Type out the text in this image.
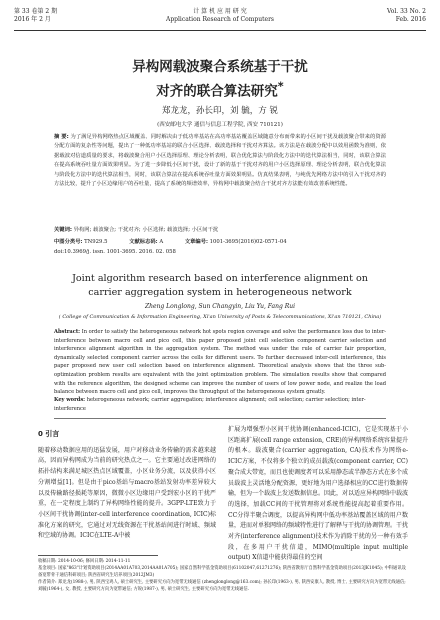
第 33 卷第 2 期
2016 年 2 月
计 算 机 应 用 研 究
Application Research of Computers
Vol. 33 No. 2
Feb. 2016
异构网载波聚合系统基于干扰
对齐的联合算法研究*
郑龙龙，孙长印，刘 毓，方 锐
(西安邮电大学 通信与信息工程学院, 西安 710121)
摘 要: 为了满足异构网络热点区域覆盖、同时解决由于低功率基站在高功率基站覆盖区域随意分布而带来的小区间干扰及载波聚合带来的资源分配方面的复杂性等问题，提出了一种低功率基站的联合小区选择、载波选择和干扰对齐算法。该方法是在载波分配中以效用函数为准则，依据载波对信道质量的要求，将载波聚合用户小区选择原理、理论分析表明，联合优化算法与阶段化方法中的迭代算法相当，同时，该联合算法在提高系统吞吐量方面效果明显。为了进一步降低小区间干扰，设计了新的基于干扰对齐的用户小区选择原理、理论分析表明，联合优化算法与阶段化方法中的迭代算法相当，同时，该联合算法在提高系统吞吐量方面效果明显。仿真结果表明，与纯优先网络方法中的引入干扰对齐的方法比较，提升了小区边缘用户的吞吐量，提高了系统的频谱效率，异构网中载波聚合结合干扰对齐方法能有效改善系统性能。
关键词: 异构网; 载波聚合; 干扰对齐; 小区选择; 载波选择; 小区间干扰
中图分类号: TN929.5	文献标志码: A	文章编号: 1001-3695(2016)02-0571-04
doi:10.3969/j. issn. 1001-3695. 2016. 02. 058
Joint algorithm research based on interference alignment on
carrier aggregation system in heterogeneous network
Zheng Longlong, Sun Changyin, Liu Yu, Fang Rui
( College of Communication & Information Engineering, Xi'an University of Posts & Telecommunications, Xi'an 710121, China)
Abstract: In order to satisfy the heterogeneous network hot spots region coverage and solve the performance loss due to inter-interference between macro cell and pico cell, this paper proposed joint cell selection component carrier selection and interference alignment algorithm in the aggregation system. The method was under the rule of carrier fair proportion, dynamically selected component carrier across the cells for different users. To further decreased inter-cell interference, this paper proposed new user cell selection based on interference alignment. Theoretical analysis shows that the three sub-optimization problem results are equivalent with the joint optimization problem. The simulation results show that compared with the reference algorithm, the designed scheme can improve the number of users of low power node, and realize the load balance between macro cell and pico cell, improves the throughput of the heterogeneous system greatly.
Key words: heterogeneous network; carrier aggregation; interference alignment; cell selection; carrier selection; inter-interference
0 引言
随着移动数据应用的迅猛发展，用户对移动业务传输的需求越来越高，因而异构网成为当前的研究热点之一。它主要通过改进网络的拓扑结构来满足城区热点区域覆盖，小区业务分流，以及获得小区分割增益[1]。但是由于pico基站与macro基站发射功率差异较大以及传输路径损耗等原因，微微小区边缘用户受到宏小区的干扰严重，在一定程度上制约了异构网络性能的提升。3GPP-LTE致力于小区间干扰协调(inter-cell interference coordination, ICIC)标准化方案的研究，它通过对无线资源在干扰基站间进行时域、频域和空域的协调。ICIC在LTE-A中被
扩展为增强型小区间干扰协调(enhanced-ICIC)，它是实现基于小区距离扩展(cell range extension, CRE)的异构网络系统容量提升的根本。载波聚合(carrier aggregation, CA)技术作为网络e-ICIC方案，不仅将多个独立的成员载波(component carrier, CC)聚合成大带宽，而且也使调度者可以采用静态或半静态方式在多个成员载波上灵活地分配资源，更好地为用户选择相应的CC进行数据传输，但为一个载波上发送数据信息。因此，对以适应异构网络中载波的选择，加载CC间的干扰管理将对系统性能提高起着重要作用。CC分得半聚合调度，以提高异构网中低功率基站覆盖区域的用户数量，进而对单独网络的频域特性进行了解释与干扰的协调管理。干扰对齐(interference alignment)技术作为消除干扰的另一种有效手段，在多用户干扰信道，MIMO(multiple input multiple output) X信道中能获得最佳的空间
收稿日期: 2014-10-06; 修回日期: 2014-11-11
基金项目: 国家"863"计划资助项目(2014AA01A703,2014AA01A705); 国家自然科学基金资助项目(61102047,61271276); 陕西省教育厅自然科学基金资助项目(2013JK1045); 中科通讯设备宽带骨干通信科研项目; 陕西省研究生培养项目(2012JM3)
作者简介: 郑龙龙(1988-), 男, 陕西宝鸡人, 硕士研究生, 主要研究方向为宽带无线通信 (zhenglonglong@163.com); 孙长印(1963-), 男, 陕西安康人, 教授, 博士, 主要研究方向为宽带无线通信; 刘毓(1964-), 女, 教授, 主要研究方向为宽带通信; 方锐(1987-), 男, 硕士研究生, 主要研究方向为宽带无线通信.
